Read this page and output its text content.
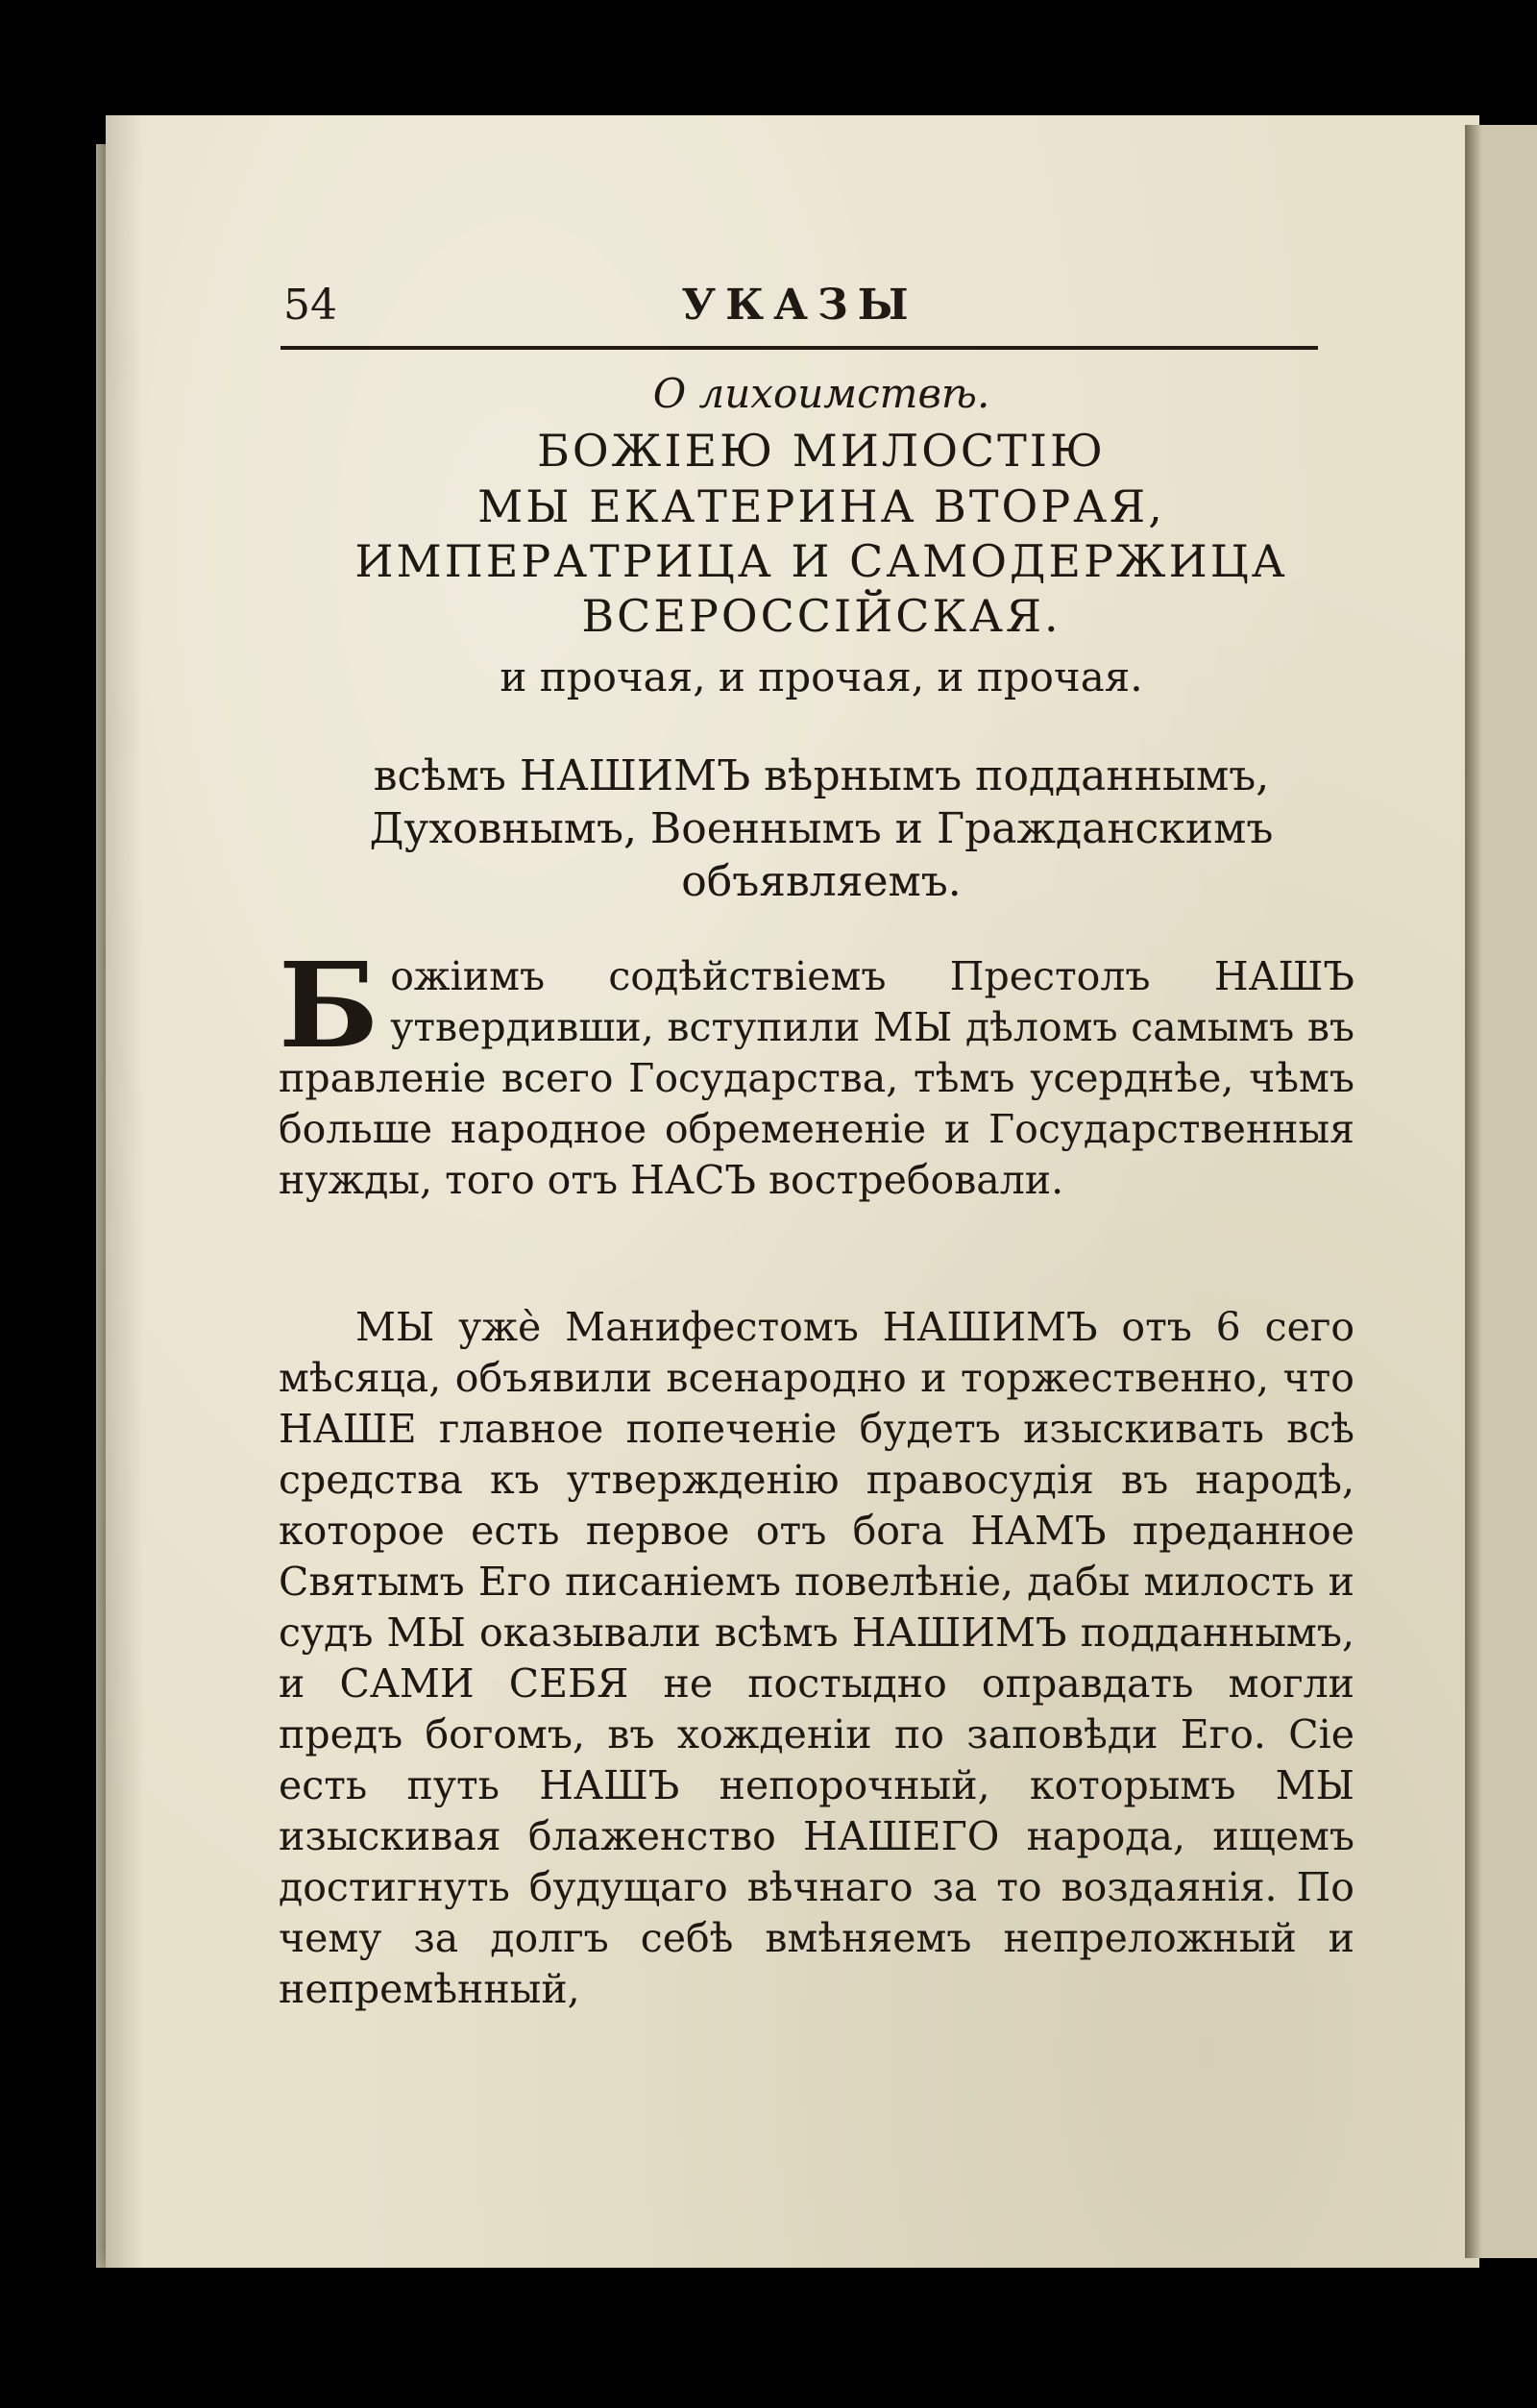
54	УКАЗЫ
О лихоимствѣ.
БОЖІЕЮ МИЛОСТІЮ
МЫ ЕКАТЕРИНА ВТОРАЯ,
ИМПЕРАТРИЦА И САМОДЕРЖИЦА
ВСЕРОССІЙСКАЯ.
и прочая, и прочая, и прочая.
всѣмъ НАШИМЪ вѣрнымъ подданнымъ, Духовнымъ, Военнымъ и Гражданскимъ объявляемъ.
Божіимъ содѣйствіемъ Престолъ НАШЪ утвердивши, вступили МЫ дѣломъ самымъ въ правленіе всего Государства, тѣмъ усерднѣе, чѣмъ больше народное обремененіе и Государственныя нужды, того отъ НАСЪ востребовали.
МЫ ужѐ Манифестомъ НАШИМЪ отъ 6 сего мѣсяца, объявили всенародно и торжественно, что НАШЕ главное попеченіе будетъ изыскивать всѣ средства къ утвержденію правосудія въ народѣ, которое есть первое отъ бога НАМЪ преданное Святымъ Его писаніемъ повелѣніе, дабы милость и судъ МЫ оказывали всѣмъ НАШИМЪ подданнымъ, и САМИ СЕБЯ не постыдно оправдать могли предъ богомъ, въ хожденіи по заповѣди Его. Сіе есть путь НАШЪ непорочный, которымъ МЫ изыскивая блаженство НАШЕГО народа, ищемъ достигнуть будущаго вѣчнаго за то воздаянія. По чему за долгъ себѣ вмѣняемъ непреложный и непремѣнный,
